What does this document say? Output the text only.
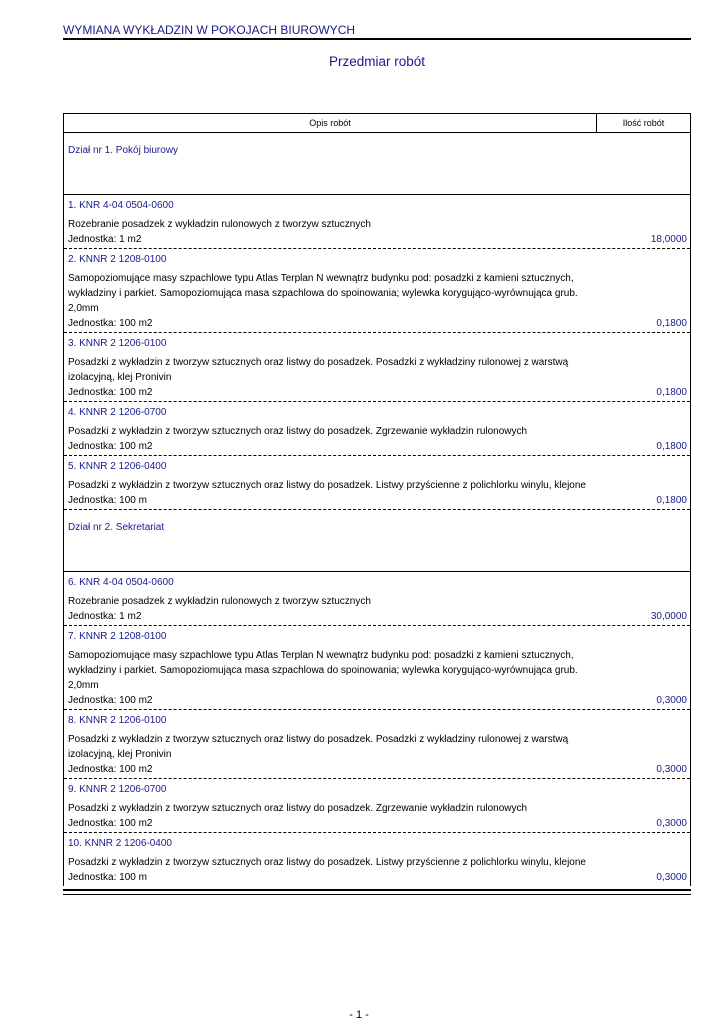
WYMIANA WYKŁADZIN W POKOJACH BIUROWYCH
Przedmiar robót
Opis robót	Ilość robót
Dział nr 1. Pokój biurowy
1. KNR 4-04 0504-0600
Rozebranie posadzek z wykładzin rulonowych z tworzyw sztucznych
Jednostka: 1 m2	18,0000
2. KNNR 2 1208-0100
Samopoziomujące masy szpachlowe typu Atlas Terplan N wewnątrz budynku pod: posadzki z kamieni sztucznych, wykładziny i parkiet. Samopoziomująca masa szpachlowa do spoinowania; wylewka korygująco-wyrównująca grub. 2,0mm
Jednostka: 100 m2	0,1800
3. KNNR 2 1206-0100
Posadzki z wykładzin z tworzyw sztucznych oraz listwy do posadzek. Posadzki z wykładziny rulonowej z warstwą izolacyjną, klej Pronivin
Jednostka: 100 m2	0,1800
4. KNNR 2 1206-0700
Posadzki z wykładzin z tworzyw sztucznych oraz listwy do posadzek. Zgrzewanie wykładzin rulonowych
Jednostka: 100 m2	0,1800
5. KNNR 2 1206-0400
Posadzki z wykładzin z tworzyw sztucznych oraz listwy do posadzek. Listwy przyścienne z polichlorku winylu, klejone
Jednostka: 100 m	0,1800
Dział nr 2. Sekretariat
6. KNR 4-04 0504-0600
Rozebranie posadzek z wykładzin rulonowych z tworzyw sztucznych
Jednostka: 1 m2	30,0000
7. KNNR 2 1208-0100
Samopoziomujące masy szpachlowe typu Atlas Terplan N wewnątrz budynku pod: posadzki z kamieni sztucznych, wykładziny i parkiet. Samopoziomująca masa szpachlowa do spoinowania; wylewka korygująco-wyrównująca grub. 2,0mm
Jednostka: 100 m2	0,3000
8. KNNR 2 1206-0100
Posadzki z wykładzin z tworzyw sztucznych oraz listwy do posadzek. Posadzki z wykładziny rulonowej z warstwą izolacyjną, klej Pronivin
Jednostka: 100 m2	0,3000
9. KNNR 2 1206-0700
Posadzki z wykładzin z tworzyw sztucznych oraz listwy do posadzek. Zgrzewanie wykładzin rulonowych
Jednostka: 100 m2	0,3000
10. KNNR 2 1206-0400
Posadzki z wykładzin z tworzyw sztucznych oraz listwy do posadzek. Listwy przyścienne z polichlorku winylu, klejone
Jednostka: 100 m	0,3000
- 1 -
